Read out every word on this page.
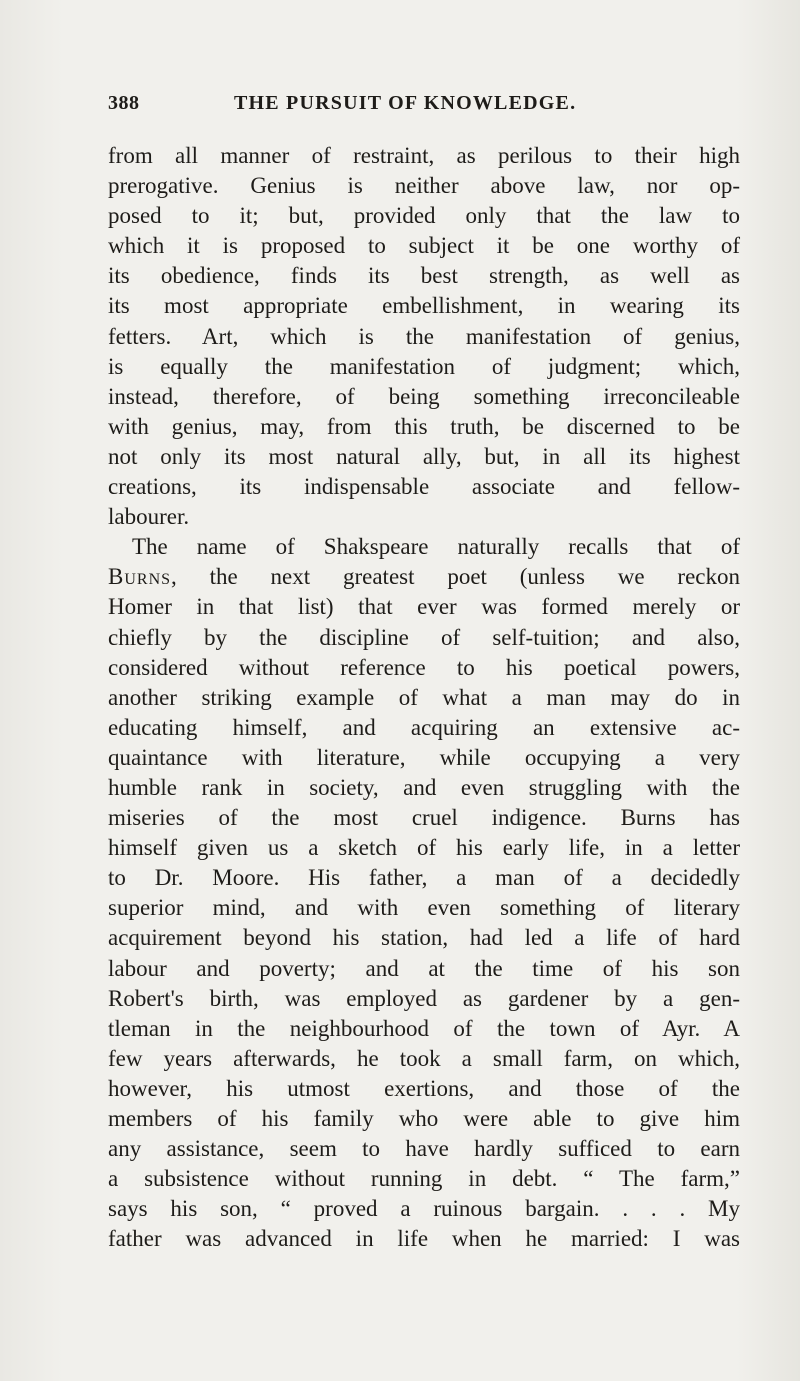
388	THE PURSUIT OF KNOWLEDGE.
from all manner of restraint, as perilous to their high
prerogative. Genius is neither above law, nor op-
posed to it; but, provided only that the law to
which it is proposed to subject it be one worthy of
its obedience, finds its best strength, as well as
its most appropriate embellishment, in wearing its
fetters. Art, which is the manifestation of genius,
is equally the manifestation of judgment; which,
instead, therefore, of being something irreconcileable
with genius, may, from this truth, be discerned to be
not only its most natural ally, but, in all its highest
creations, its indispensable associate and fellow-
labourer.
The name of Shakspeare naturally recalls that of
Burns, the next greatest poet (unless we reckon
Homer in that list) that ever was formed merely or
chiefly by the discipline of self-tuition; and also,
considered without reference to his poetical powers,
another striking example of what a man may do in
educating himself, and acquiring an extensive ac-
quaintance with literature, while occupying a very
humble rank in society, and even struggling with the
miseries of the most cruel indigence. Burns has
himself given us a sketch of his early life, in a letter
to Dr. Moore. His father, a man of a decidedly
superior mind, and with even something of literary
acquirement beyond his station, had led a life of hard
labour and poverty; and at the time of his son
Robert's birth, was employed as gardener by a gen-
tleman in the neighbourhood of the town of Ayr. A
few years afterwards, he took a small farm, on which,
however, his utmost exertions, and those of the
members of his family who were able to give him
any assistance, seem to have hardly sufficed to earn
a subsistence without running in debt. “ The farm,”
says his son, “ proved a ruinous bargain. . . . My
father was advanced in life when he married: I was
